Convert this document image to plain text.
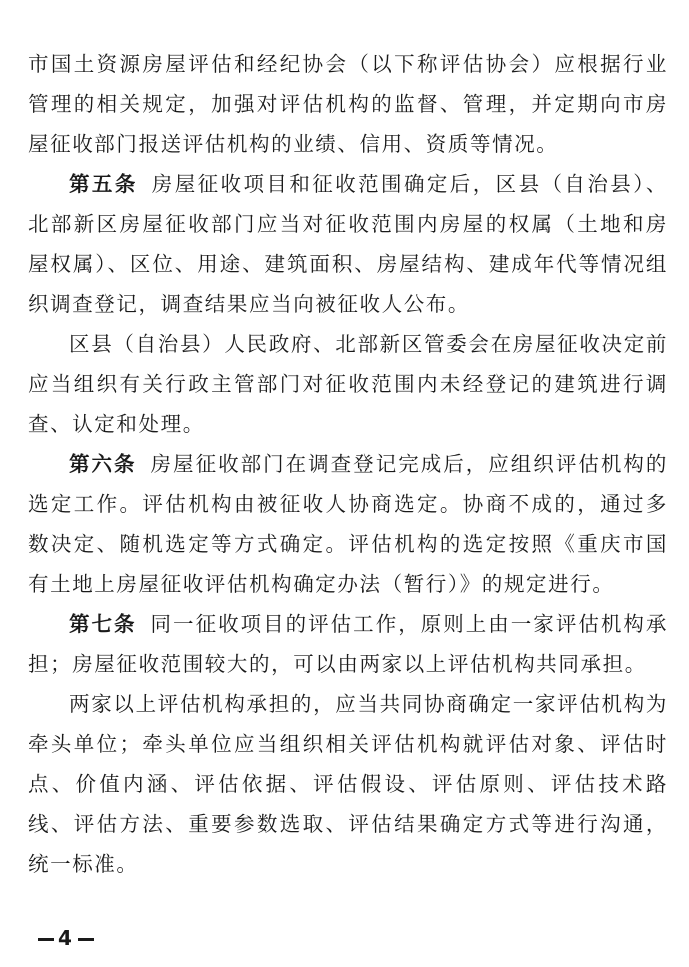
市国土资源房屋评估和经纪协会（以下称评估协会）应根据行业管理的相关规定，加强对评估机构的监督、管理，并定期向市房屋征收部门报送评估机构的业绩、信用、资质等情况。

第五条 房屋征收项目和征收范围确定后，区县（自治县）、北部新区房屋征收部门应当对征收范围内房屋的权属（土地和房屋权属）、区位、用途、建筑面积、房屋结构、建成年代等情况组织调查登记，调查结果应当向被征收人公布。

区县（自治县）人民政府、北部新区管委会在房屋征收决定前应当组织有关行政主管部门对征收范围内未经登记的建筑进行调查、认定和处理。

第六条 房屋征收部门在调查登记完成后，应组织评估机构的选定工作。评估机构由被征收人协商选定。协商不成的，通过多数决定、随机选定等方式确定。评估机构的选定按照《重庆市国有土地上房屋征收评估机构确定办法（暂行）》的规定进行。

第七条 同一征收项目的评估工作，原则上由一家评估机构承担；房屋征收范围较大的，可以由两家以上评估机构共同承担。

两家以上评估机构承担的，应当共同协商确定一家评估机构为牵头单位；牵头单位应当组织相关评估机构就评估对象、评估时点、价值内涵、评估依据、评估假设、评估原则、评估技术路线、评估方法、重要参数选取、评估结果确定方式等进行沟通，统一标准。

4
